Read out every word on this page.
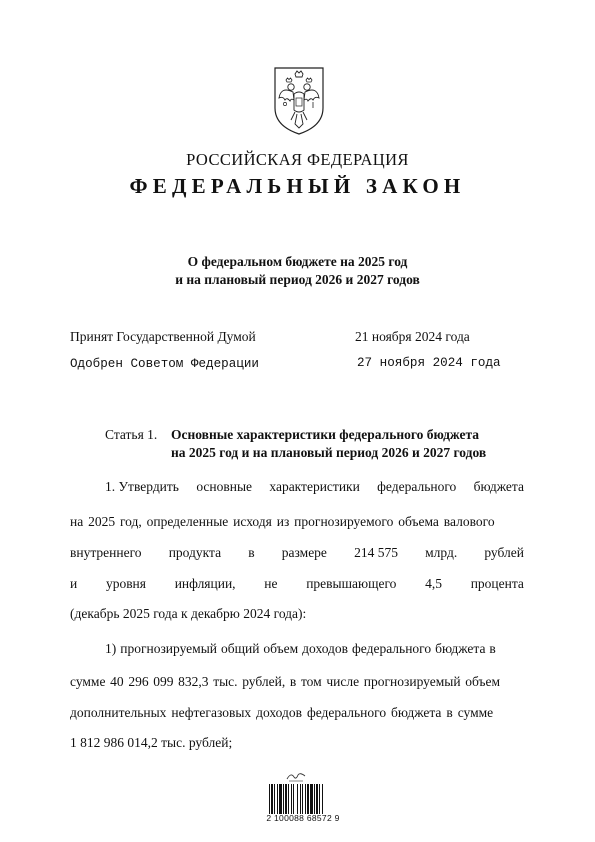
РОССИЙСКАЯ ФЕДЕРАЦИЯ
ФЕДЕРАЛЬНЫЙ ЗАКОН
О федеральном бюджете на 2025 год
и на плановый период 2026 и 2027 годов
Принят Государственной Думой	21 ноября 2024 года
Одобрен Советом Федерации	27 ноября 2024 года
Статья 1. Основные характеристики федерального бюджета
на 2025 год и на плановый период 2026 и 2027 годов
1. Утвердить основные характеристики федерального бюджета
на 2025 год, определенные исходя из прогнозируемого объема валового
внутреннего продукта в размере 214 575 млрд. рублей
и уровня инфляции, не превышающего 4,5 процента
(декабрь 2025 года к декабрю 2024 года):
1) прогнозируемый общий объем доходов федерального бюджета в
сумме 40 296 099 832,3 тыс. рублей, в том числе прогнозируемый объем
дополнительных нефтегазовых доходов федерального бюджета в сумме
1 812 986 014,2 тыс. рублей;
2 100088 68572 9
